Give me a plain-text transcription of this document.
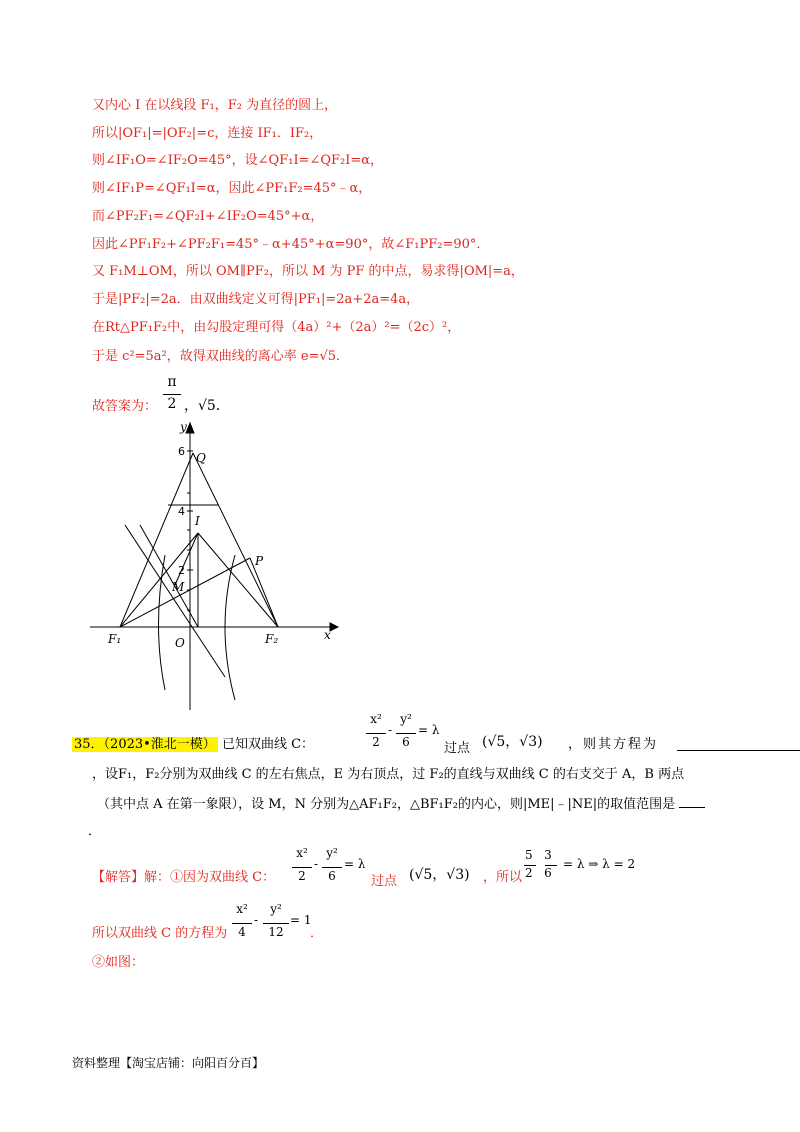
又内心 I 在以线段 F₁，F₂ 为直径的圆上，
所以|OF₁|=|OF₂|=c，连接 IF₁．IF₂，
则∠IF₁O=∠IF₂O=45°，设∠QF₁I=∠QF₂I=α，
则∠IF₁P=∠QF₁I=α，因此∠PF₁F₂=45°﹣α，
而∠PF₂F₁=∠QF₂I+∠IF₂O=45°+α，
因此∠PF₁F₂+∠PF₂F₁=45°﹣α+45°+α=90°，故∠F₁PF₂=90°．
又 F₁M⊥OM，所以 OM∥PF₂，所以 M 为 PF 的中点，易求得|OM|=a，
于是|PF₂|=2a．由双曲线定义可得|PF₁|=2a+2a=4a，
在Rt△PF₁F₂中，由勾股定理可得（4a）²+（2a）²=（2c）²，
于是 c²=5a²，故得双曲线的离心率 e=√5．
故答案为：
π
2 ，√5．
y
x
Q
I
P
M
F₁	F₂
O
6
4
2
35．（2023•淮北一模） 已知双曲线 C：
x²
2
-
y²
6
= λ
过点 (√5，√3) ，则其方程为
，设F₁，F₂分别为双曲线 C 的左右焦点，E 为右顶点，过 F₂的直线与双曲线 C 的右支交于 A，B 两点
（其中点 A 在第一象限），设 M，N 分别为△AF₁F₂，△BF₁F₂的内心，则|ME|﹣|NE|的取值范围是
．
【解答】解：①因为双曲线 C：
x²
2
-
y²
6
= λ
过点 (√5，√3) ，所以
5   3
2   6
= λ ⇒ λ = 2
所以双曲线 C 的方程为
x²
4
-
y²
12
= 1
．
②如图：
资料整理【淘宝店铺：向阳百分百】
